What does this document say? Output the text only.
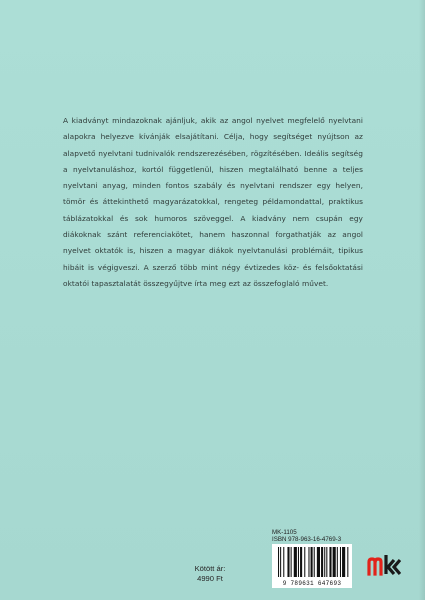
A kiadványt mindazoknak ajánljuk, akik az angol nyelvet megfelelő nyelvtani alapokra helyezve kívánják elsajátítani. Célja, hogy segítséget nyújtson az alapvető nyelvtani tudnivalók rendszerezésében, rögzítésében. Ideális segítség a nyelvtanuláshoz, kortól függetlenül, hiszen megtalálható benne a teljes nyelvtani anyag, minden fontos szabály és nyelvtani rendszer egy helyen, tömör és áttekinthető magyarázatokkal, rengeteg példamondattal, praktikus táblázatokkal és sok humoros szöveggel. A kiadvány nem csupán egy diákoknak szánt referenciakötet, hanem haszonnal forgathatják az angol nyelvet oktatók is, hiszen a magyar diákok nyelvtanulási problémáit, tipikus hibáit is végigveszi. A szerző több mint négy évtizedes köz- és felsőoktatási oktatói tapasztalatát összegyűjtve írta meg ezt az összefoglaló művet.

MK-1105
ISBN 978-963-16-4769-3
9 789631 647693
Kötött ár:
4990 Ft
